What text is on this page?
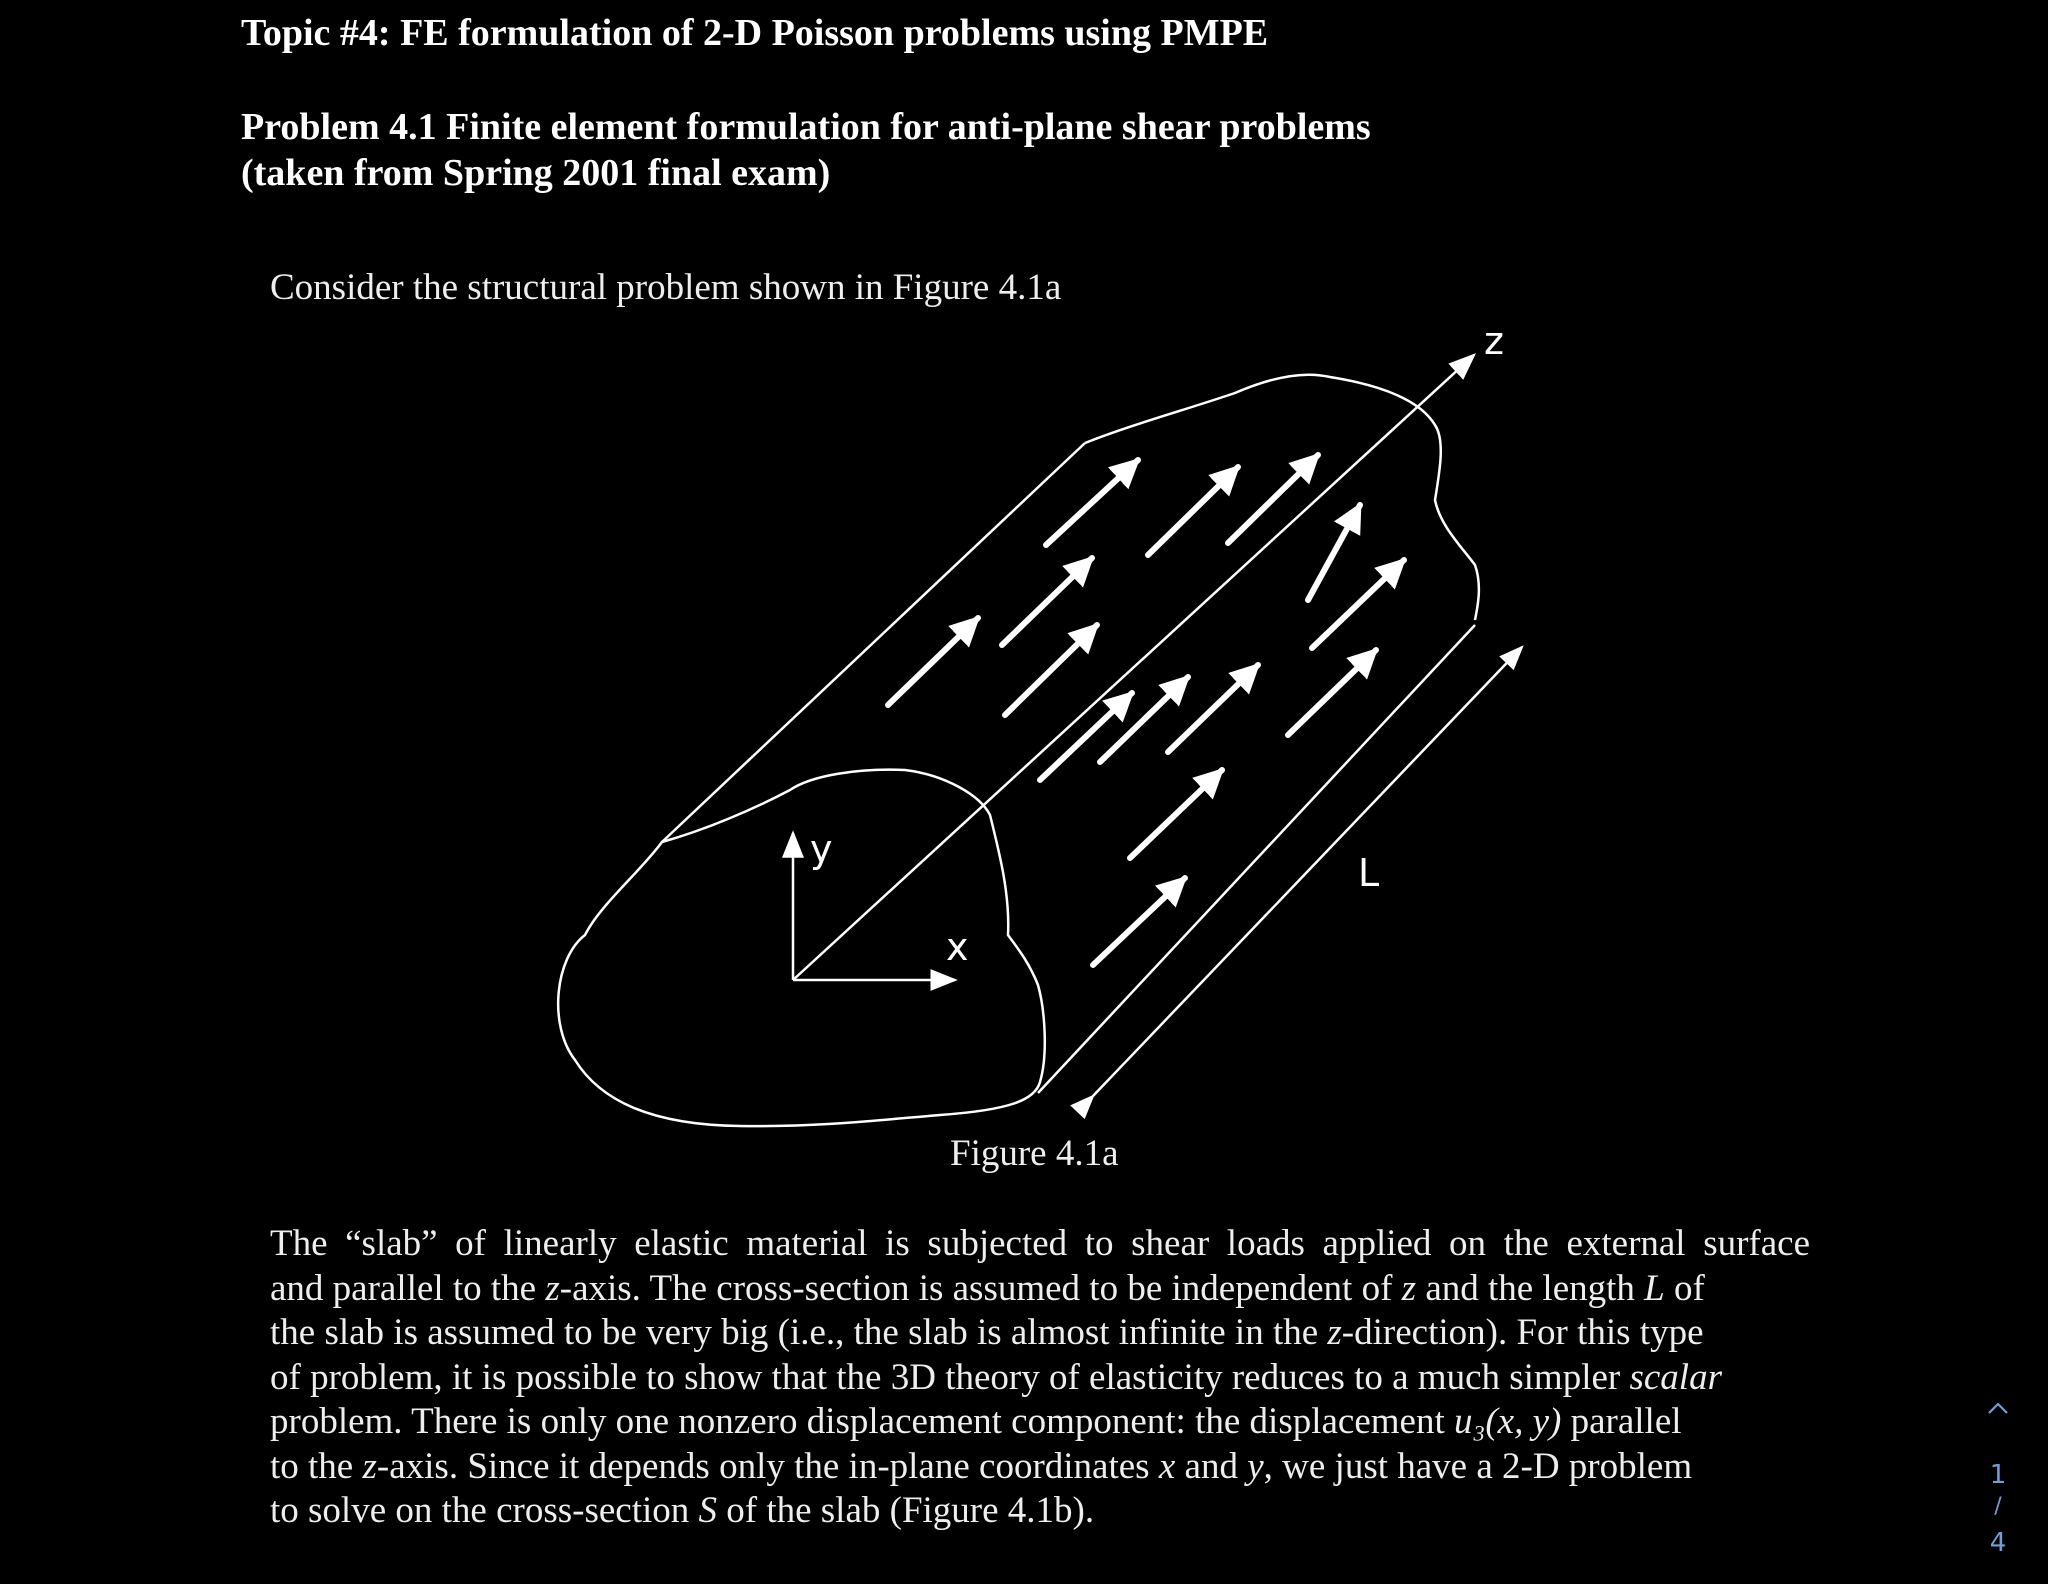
Topic #4: FE formulation of 2-D Poisson problems using PMPE
Problem 4.1 Finite element formulation for anti-plane shear problems
(taken from Spring 2001 final exam)
Consider the structural problem shown in Figure 4.1a
z
y
x
L
Figure 4.1a
The “slab” of linearly elastic material is subjected to shear loads applied on the external surface
and parallel to the z-axis. The cross-section is assumed to be independent of z and the length L of
the slab is assumed to be very big (i.e., the slab is almost infinite in the z-direction). For this type
of problem, it is possible to show that the 3D theory of elasticity reduces to a much simpler scalar
problem. There is only one nonzero displacement component: the displacement u₃(x, y) parallel
to the z-axis. Since it depends only the in-plane coordinates x and y, we just have a 2-D problem
to solve on the cross-section S of the slab (Figure 4.1b).
1
/
4
